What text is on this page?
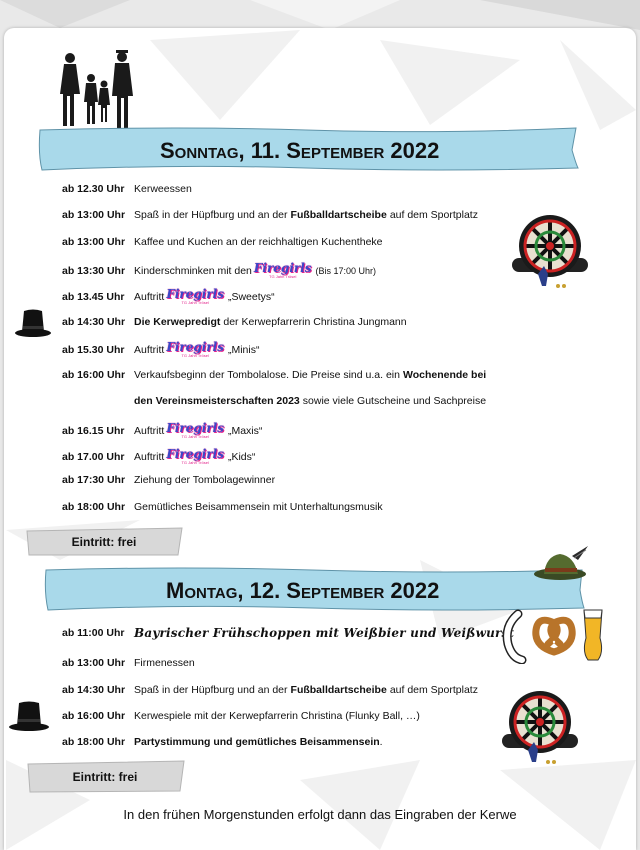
Sonntag, 11. September 2022
ab 12.30 Uhr Kerweessen
ab 13:00 Uhr Spaß in der Hüpfburg und an der Fußballdartscheibe auf dem Sportplatz
ab 13:00 Uhr Kaffee und Kuchen an der reichhaltigen Kuchentheke
ab 13:30 Uhr Kinderschminken mit den Firegirls
TG Jahn Trösel
(Bis 17:00 Uhr)
ab 13.45 Uhr Auftritt Firegirls
TG Jahn Trösel „Sweetys“
ab 14:30 Uhr Die Kerwepredigt der Kerwepfarrerin Christina Jungmann
ab 15.30 Uhr Auftritt Firegirls
TG Jahn Trösel „Minis“
ab 16:00 Uhr Verkaufsbeginn der Tombolalose. Die Preise sind u.a. ein Wochenende bei
den Vereinsmeisterschaften 2023 sowie viele Gutscheine und Sachpreise
ab 16.15 Uhr Auftritt Firegirls
TG Jahn Trösel „Maxis“
ab 17.00 Uhr Auftritt Firegirls
TG Jahn Trösel „Kids“
ab 17:30 Uhr Ziehung der Tombolagewinner
ab 18:00 Uhr Gemütliches Beisammensein mit Unterhaltungsmusik
Eintritt: frei
Montag, 12. September 2022
ab 11:00 Uhr Bayrischer Frühschoppen mit Weißbier und Weißwurst
ab 13:00 Uhr Firmenessen
ab 14:30 Uhr Spaß in der Hüpfburg und an der Fußballdartscheibe auf dem Sportplatz
ab 16:00 Uhr Kerwespiele mit der Kerwepfarrerin Christina (Flunky Ball, …)
ab 18:00 Uhr Partystimmung und gemütliches Beisammensein .
Eintritt: frei
In den frühen Morgenstunden erfolgt dann das Eingraben der Kerwe
